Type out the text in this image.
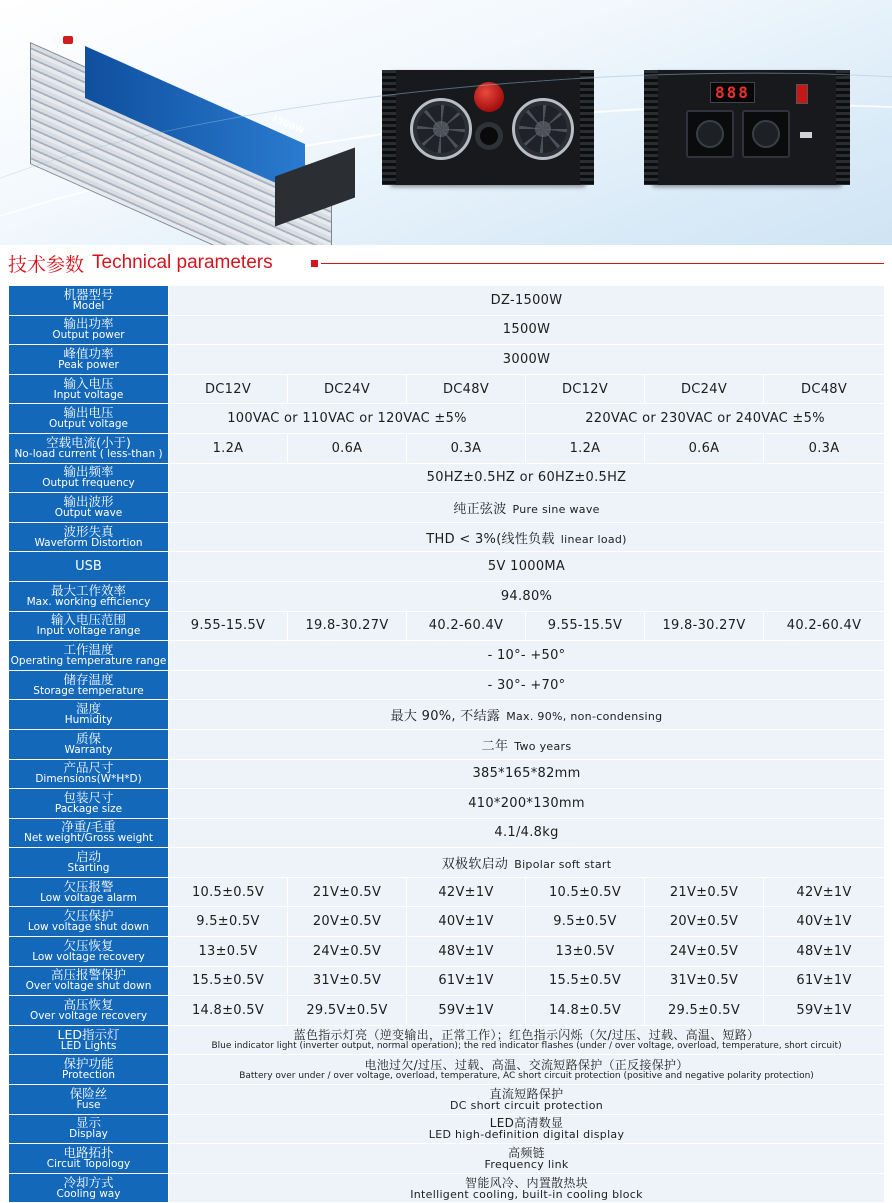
1500W
888
技术参数 Technical parameters
机器型号
Model	DZ-1500W					

输出功率
Output power	1500W					

峰值功率
Peak power	3000W					

输入电压
Input voltage	DC12V	DC24V	DC48V	DC12V	DC24V	DC48V

输出电压
Output voltage	100VAC or 110VAC or 120VAC ±5%			220VAC or 230VAC or 240VAC ±5%		

空载电流(小于)
No-load current ( less-than )	1.2A	0.6A	0.3A	1.2A	0.6A	0.3A

输出频率
Output frequency	50HZ±0.5HZ or 60HZ±0.5HZ					

输出波形
Output wave	纯正弦波 Pure sine wave					

波形失真
Waveform Distortion	THD < 3%(线性负载 linear load)					

USB	5V 1000MA					

最大工作效率
Max. working efficiency	94.80%					

输入电压范围
Input voltage range	9.55-15.5V	19.8-30.27V	40.2-60.4V	9.55-15.5V	19.8-30.27V	40.2-60.4V

工作温度
Operating temperature range	- 10°- +50°					

储存温度
Storage temperature	- 30°- +70°					

湿度
Humidity	最大 90%, 不结露 Max. 90%, non-condensing					

质保
Warranty	二年 Two years					

产品尺寸
Dimensions(W*H*D)	385*165*82mm					

包装尺寸
Package size	410*200*130mm					

净重/毛重
Net weight/Gross weight	4.1/4.8kg					

启动
Starting	双极软启动 Bipolar soft start					

欠压报警
Low voltage alarm	10.5±0.5V	21V±0.5V	42V±1V	10.5±0.5V	21V±0.5V	42V±1V

欠压保护
Low voltage shut down	9.5±0.5V	20V±0.5V	40V±1V	9.5±0.5V	20V±0.5V	40V±1V

欠压恢复
Low voltage recovery	13±0.5V	24V±0.5V	48V±1V	13±0.5V	24V±0.5V	48V±1V

高压报警保护
Over voltage shut down	15.5±0.5V	31V±0.5V	61V±1V	15.5±0.5V	31V±0.5V	61V±1V

高压恢复
Over voltage recovery	14.8±0.5V	29.5V±0.5V	59V±1V	14.8±0.5V	29.5±0.5V	59V±1V

LED指示灯
LED Lights	蓝色指示灯亮（逆变输出，正常工作）；红色指示闪烁（欠/过压、过载、高温、短路）
Blue indicator light (inverter output, normal operation); the red indicator flashes (under / over voltage, overload, temperature, short circuit)					

保护功能
Protection	电池过欠/过压、过载、高温、交流短路保护（正反接保护）
Battery over under / over voltage, overload, temperature, AC short circuit protection (positive and negative polarity protection)					

保险丝
Fuse	直流短路保护
DC short circuit protection					

显示
Display	LED高清数显
LED high-definition digital display					

电路拓扑
Circuit Topology	高频链
Frequency link					

冷却方式
Cooling way	智能风冷、内置散热块
Intelligent cooling, built-in cooling block					
